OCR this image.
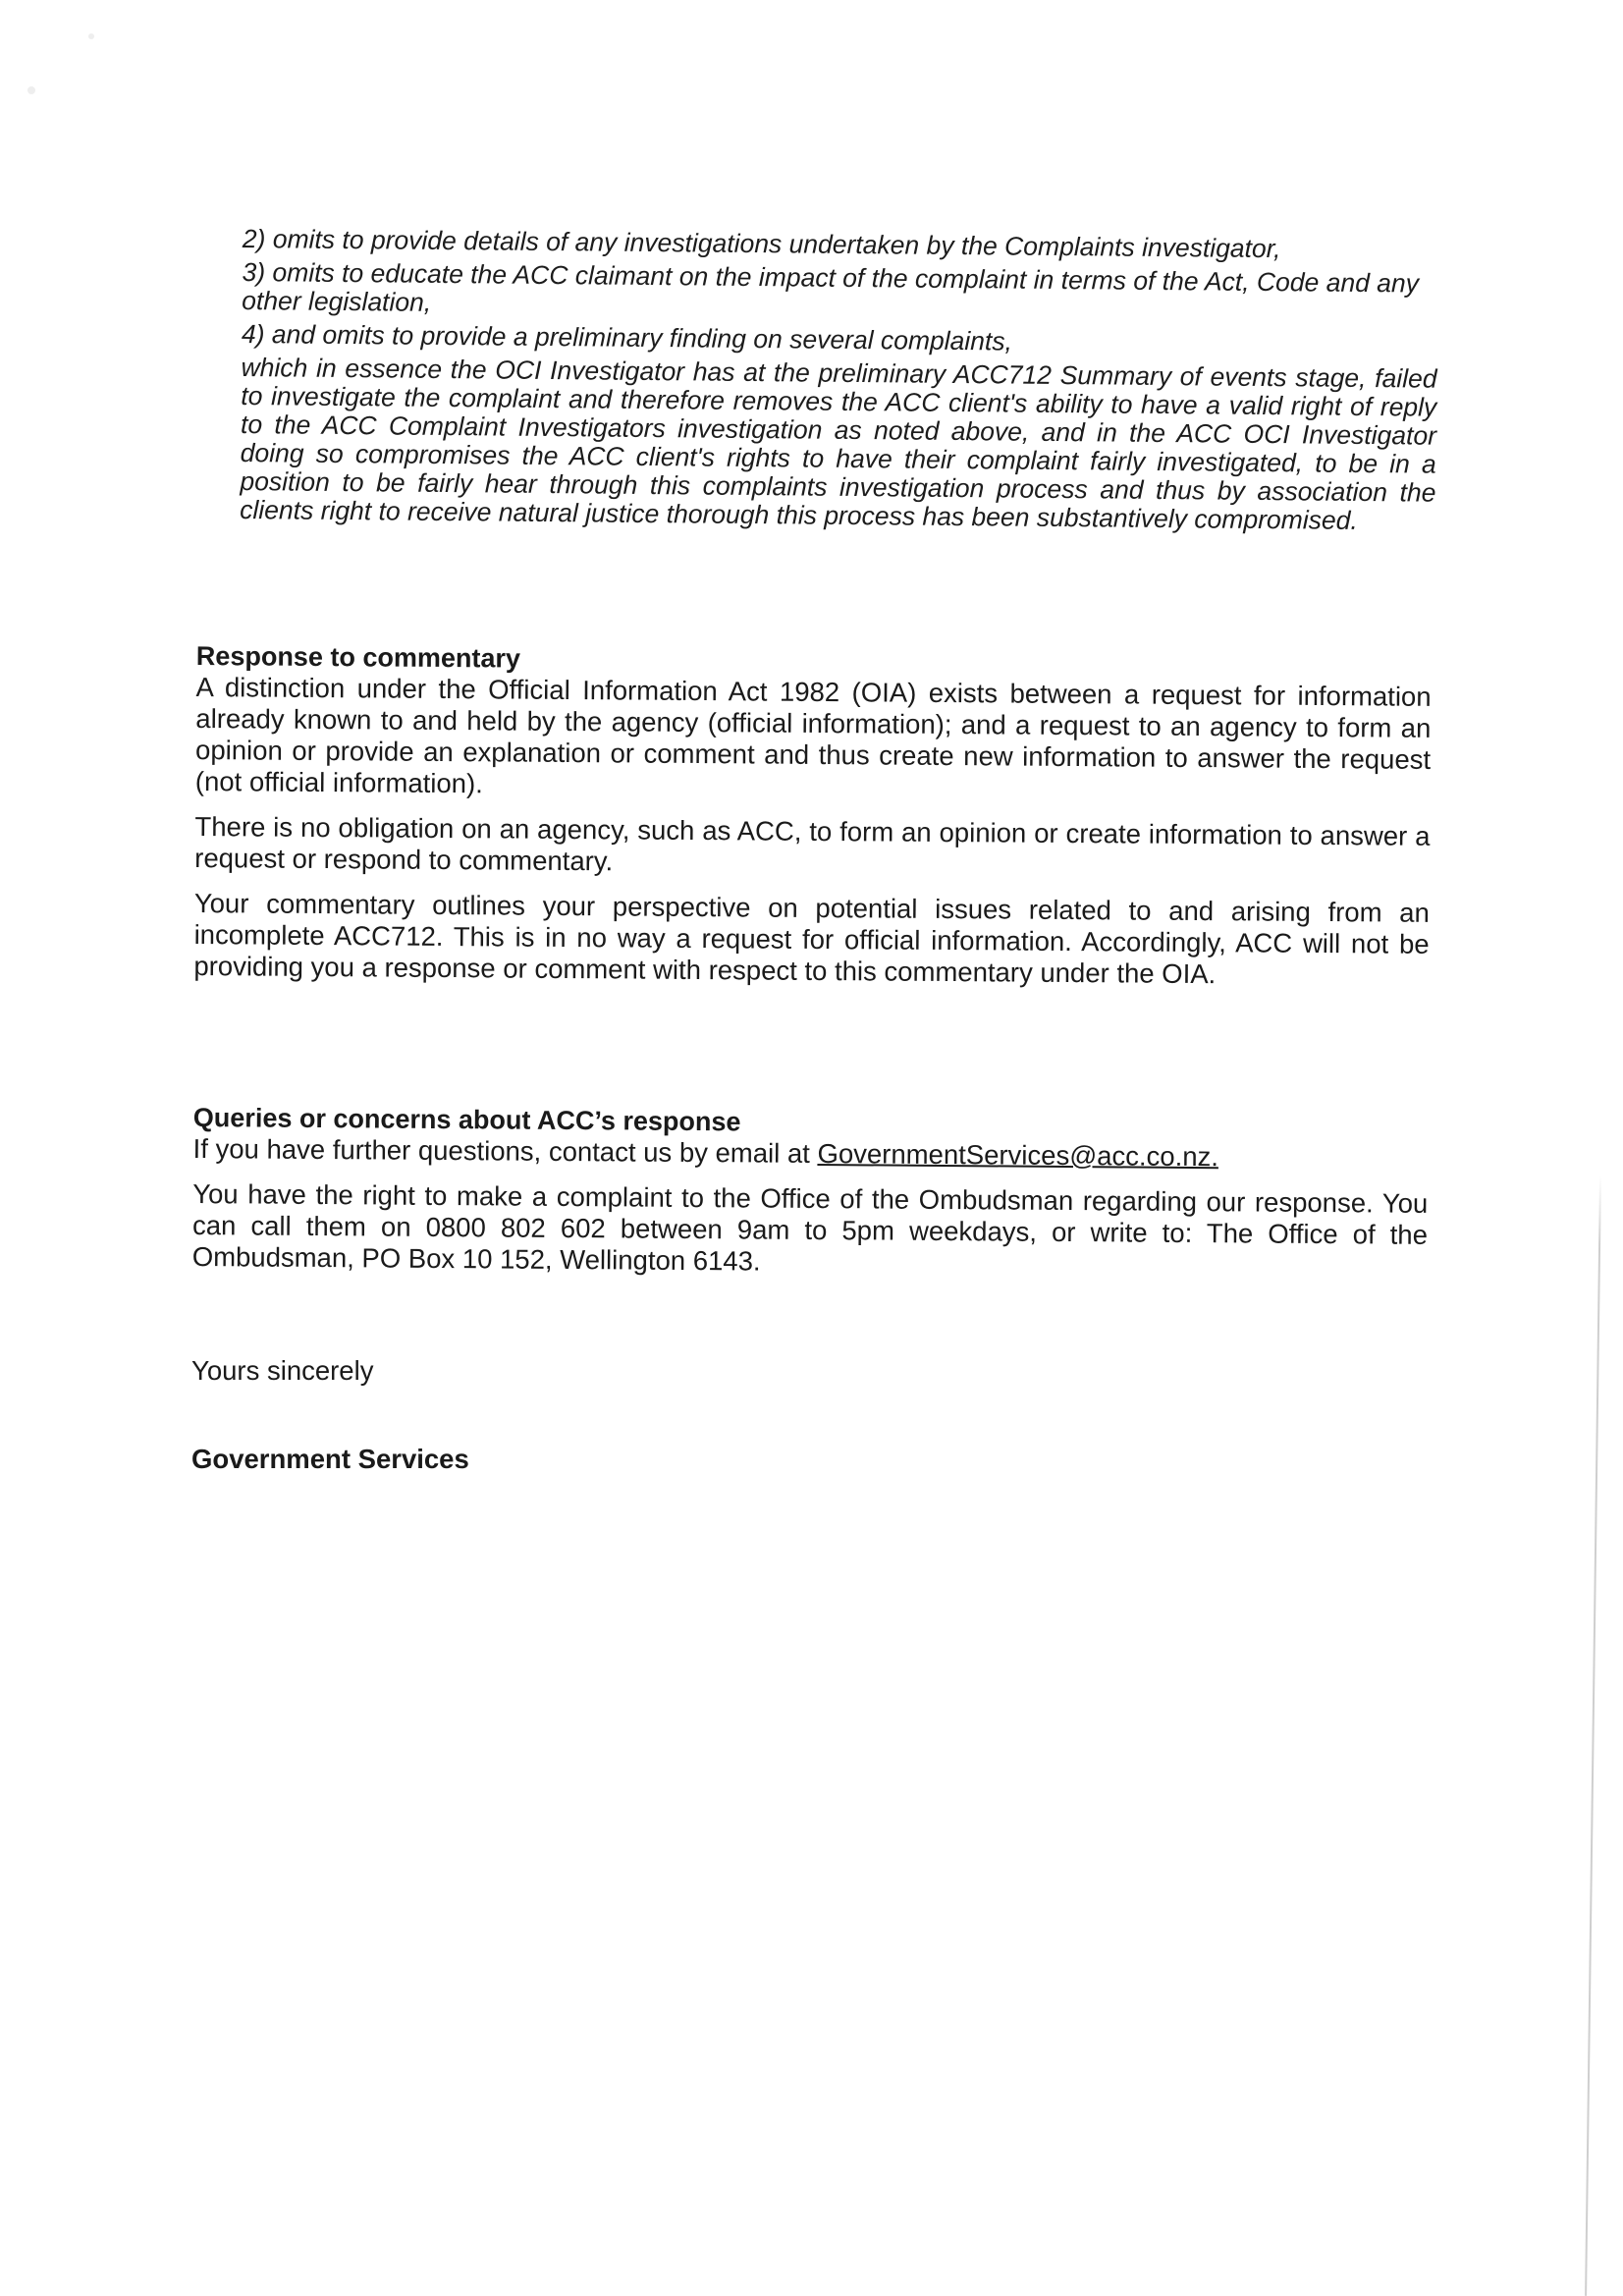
2) omits to provide details of any investigations undertaken by the Complaints investigator,

3) omits to educate the ACC claimant on the impact of the complaint in terms of the Act, Code and any other legislation,

4) and omits to provide a preliminary finding on several complaints,

which in essence the OCI Investigator has at the preliminary ACC712 Summary of events stage, failed to investigate the complaint and therefore removes the ACC client's ability to have a valid right of reply to the ACC Complaint Investigators investigation as noted above, and in the ACC OCI Investigator doing so compromises the ACC client's rights to have their complaint fairly investigated, to be in a position to be fairly hear through this complaints investigation process and thus by association the clients right to receive natural justice thorough this process has been substantively compromised.

Response to commentary

A distinction under the Official Information Act 1982 (OIA) exists between a request for information already known to and held by the agency (official information); and a request to an agency to form an opinion or provide an explanation or comment and thus create new information to answer the request (not official information).

There is no obligation on an agency, such as ACC, to form an opinion or create information to answer a request or respond to commentary.

Your commentary outlines your perspective on potential issues related to and arising from an incomplete ACC712. This is in no way a request for official information. Accordingly, ACC will not be providing you a response or comment with respect to this commentary under the OIA.

Queries or concerns about ACC’s response

If you have further questions, contact us by email at GovernmentServices@acc.co.nz.

You have the right to make a complaint to the Office of the Ombudsman regarding our response. You can call them on 0800 802 602 between 9am to 5pm weekdays, or write to: The Office of the Ombudsman, PO Box 10 152, Wellington 6143.

Yours sincerely
Government Services
